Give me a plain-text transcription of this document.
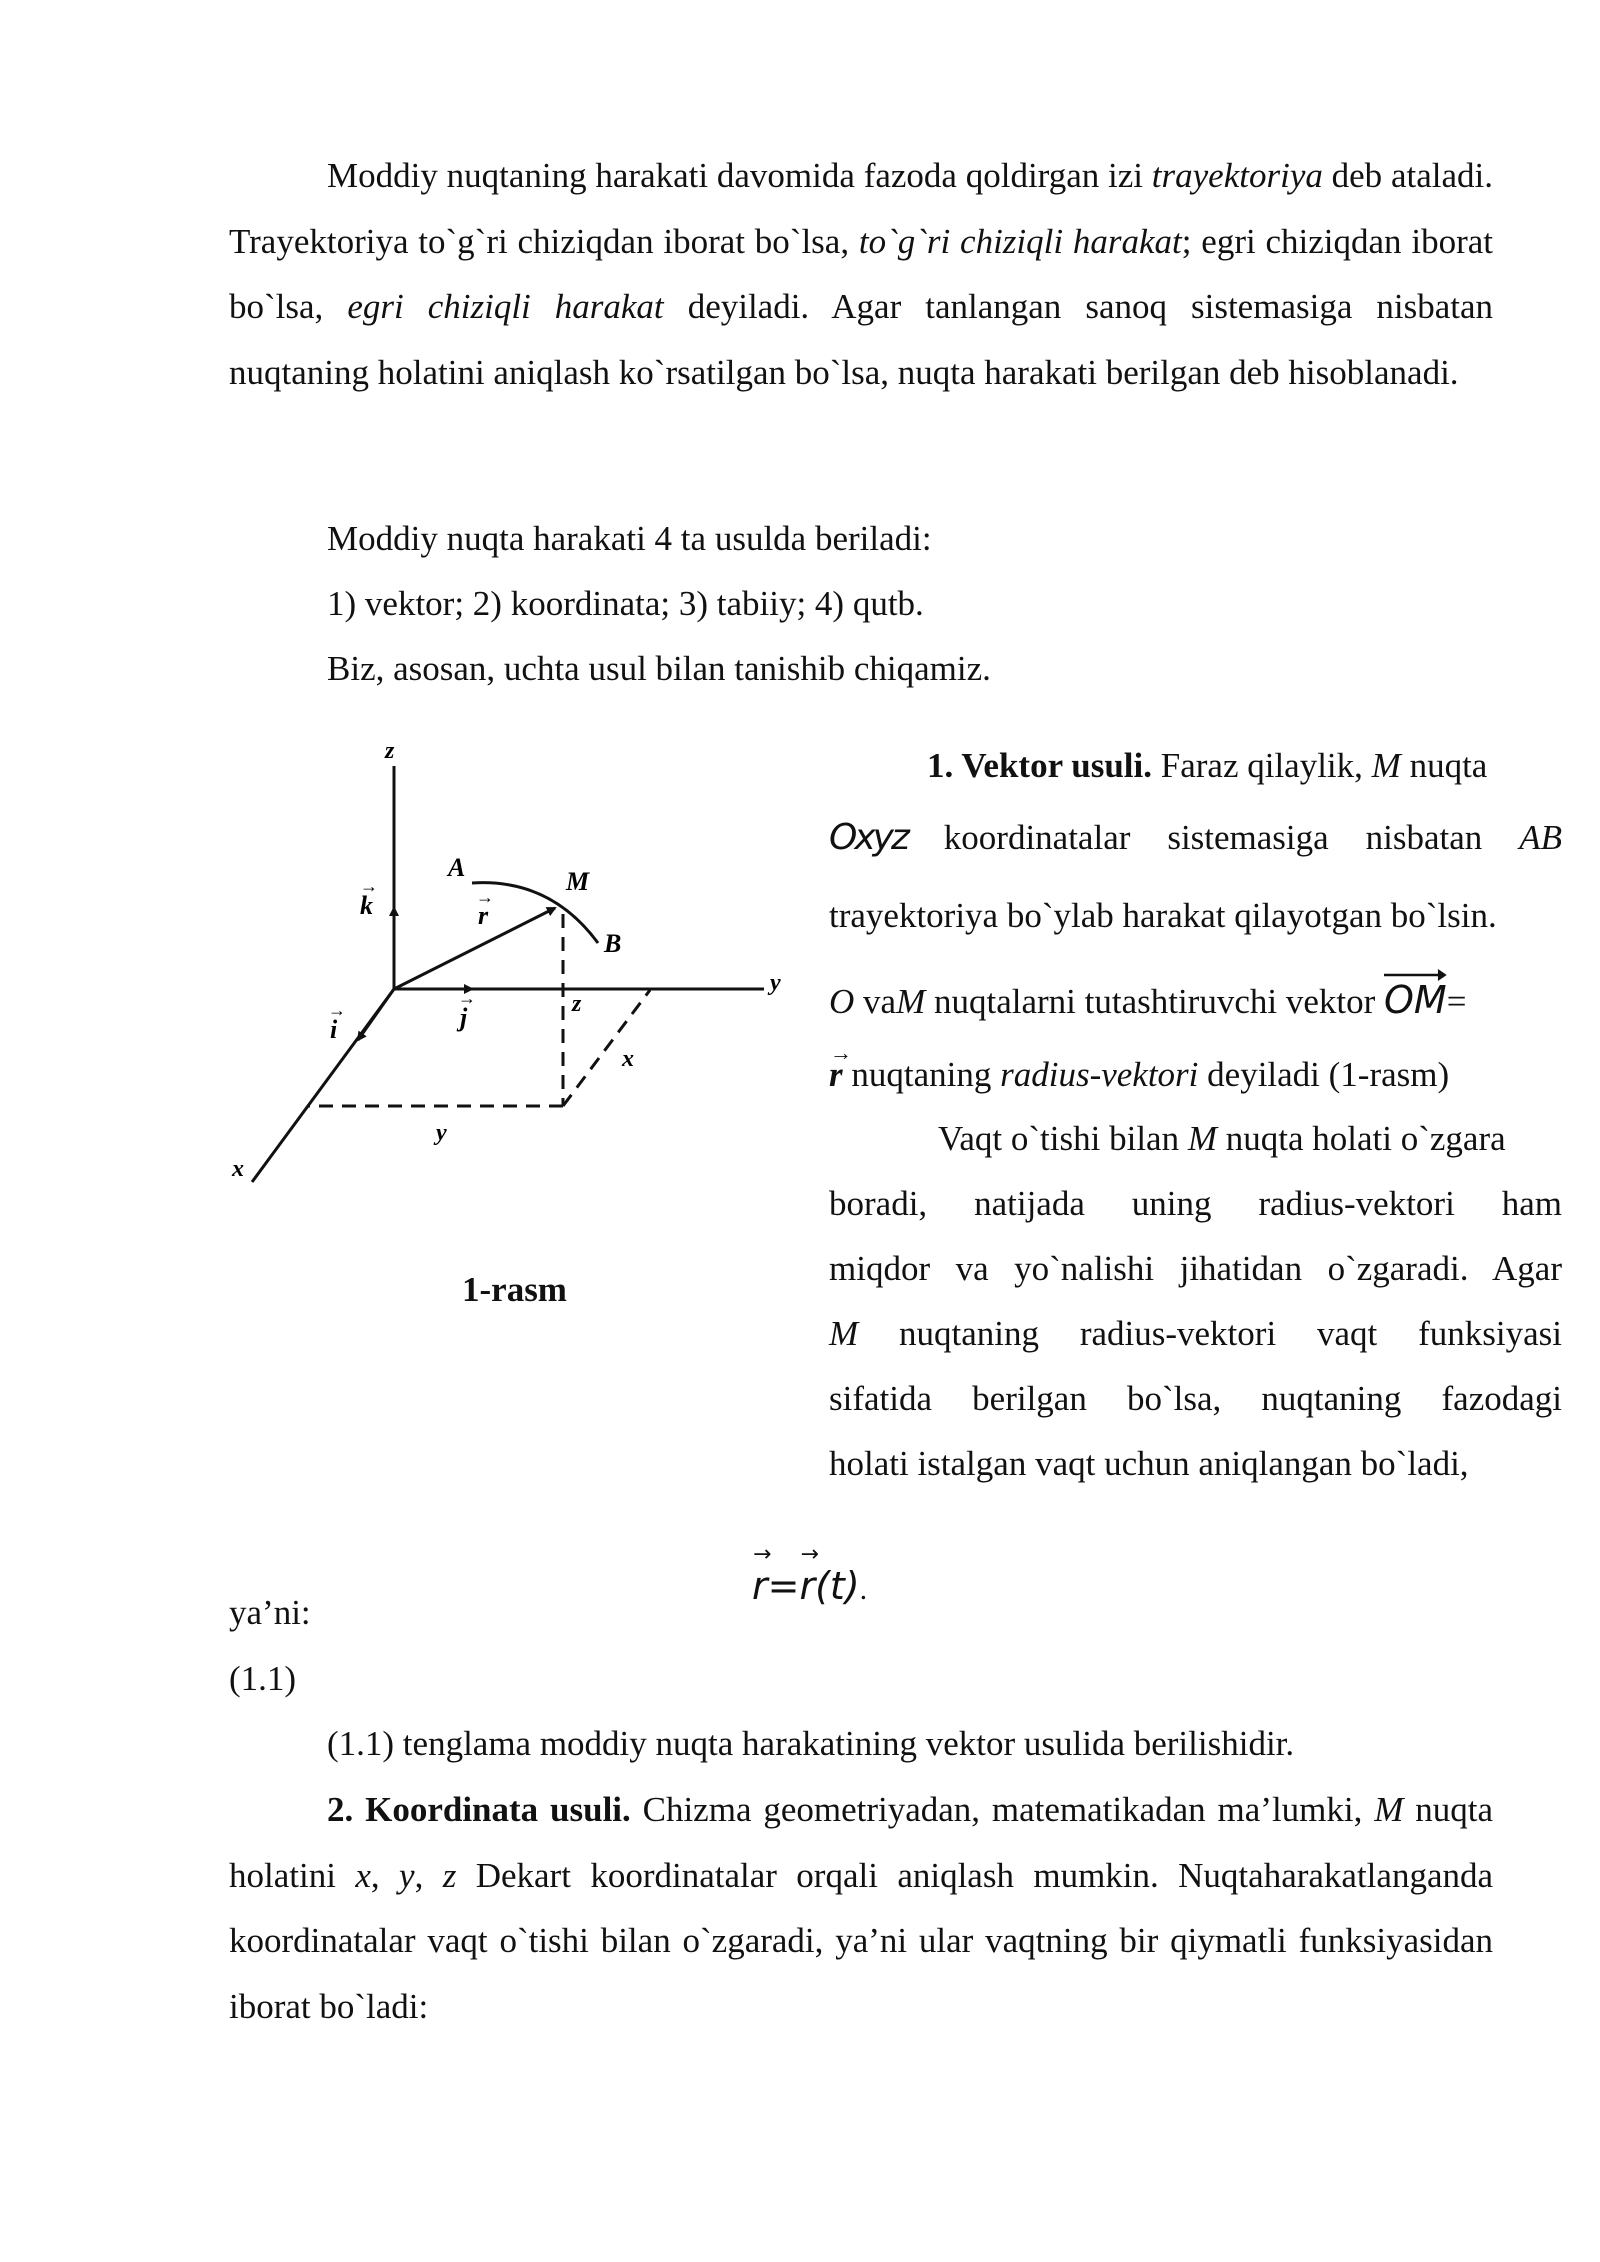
Moddiy nuqtaning harakati davomida fazoda qoldirgan izi trayektoriya deb ataladi. Trayektoriya to`g`ri chiziqdan iborat bo`lsa, to`g`ri chiziqli harakat; egri chiziqdan iborat bo`lsa, egri chiziqli harakat deyiladi. Agar tanlangan sanoq sistemasiga nisbatan nuqtaning holatini aniqlash ko`rsatilgan bo`lsa, nuqta harakati berilgan deb hisoblanadi.

Moddiy nuqta harakati 4 ta usulda beriladi:

1) vektor; 2) koordinata; 3) tabiiy; 4) qutb.

Biz, asosan, uchta usul bilan tanishib chiqamiz.

z
y
x
k
→
i
→	j
→
r
→
A	M
B
z
x
y
1-rasm
1. Vektor usuli. Faraz qilaylik, M nuqta
Oxyz koordinatalar sistemasiga nisbatan AB
trayektoriya bo`ylab harakat qilayotgan bo`lsin.
O vaM nuqtalarni tutashtiruvchi vektor
OM=
→ r nuqtaning radius-vektori deyiladi (1-rasm)
Vaqt o`tishi bilan M nuqta holati o`zgara
boradi, natijada uning radius-vektori ham
miqdor va yo`nalishi jihatidan o`zgaradi. Agar
M nuqtaning radius-vektori vaqt funksiyasi
sifatida berilgan bo`lsa, nuqtaning fazodagi
holati istalgan vaqt uchun aniqlangan bo`ladi,
ya’ni:
→ r=→ r(t).
(1.1)
(1.1) tenglama moddiy nuqta harakatining vektor usulida berilishidir.

2. Koordinata usuli. Chizma geometriyadan, matematikadan ma’lumki, M nuqta holatini x, y, z Dekart koordinatalar orqali aniqlash mumkin. Nuqtaharakatlanganda koordinatalar vaqt o`tishi bilan o`zgaradi, ya’ni ular vaqtning bir qiymatli funksiyasidan iborat bo`ladi:
